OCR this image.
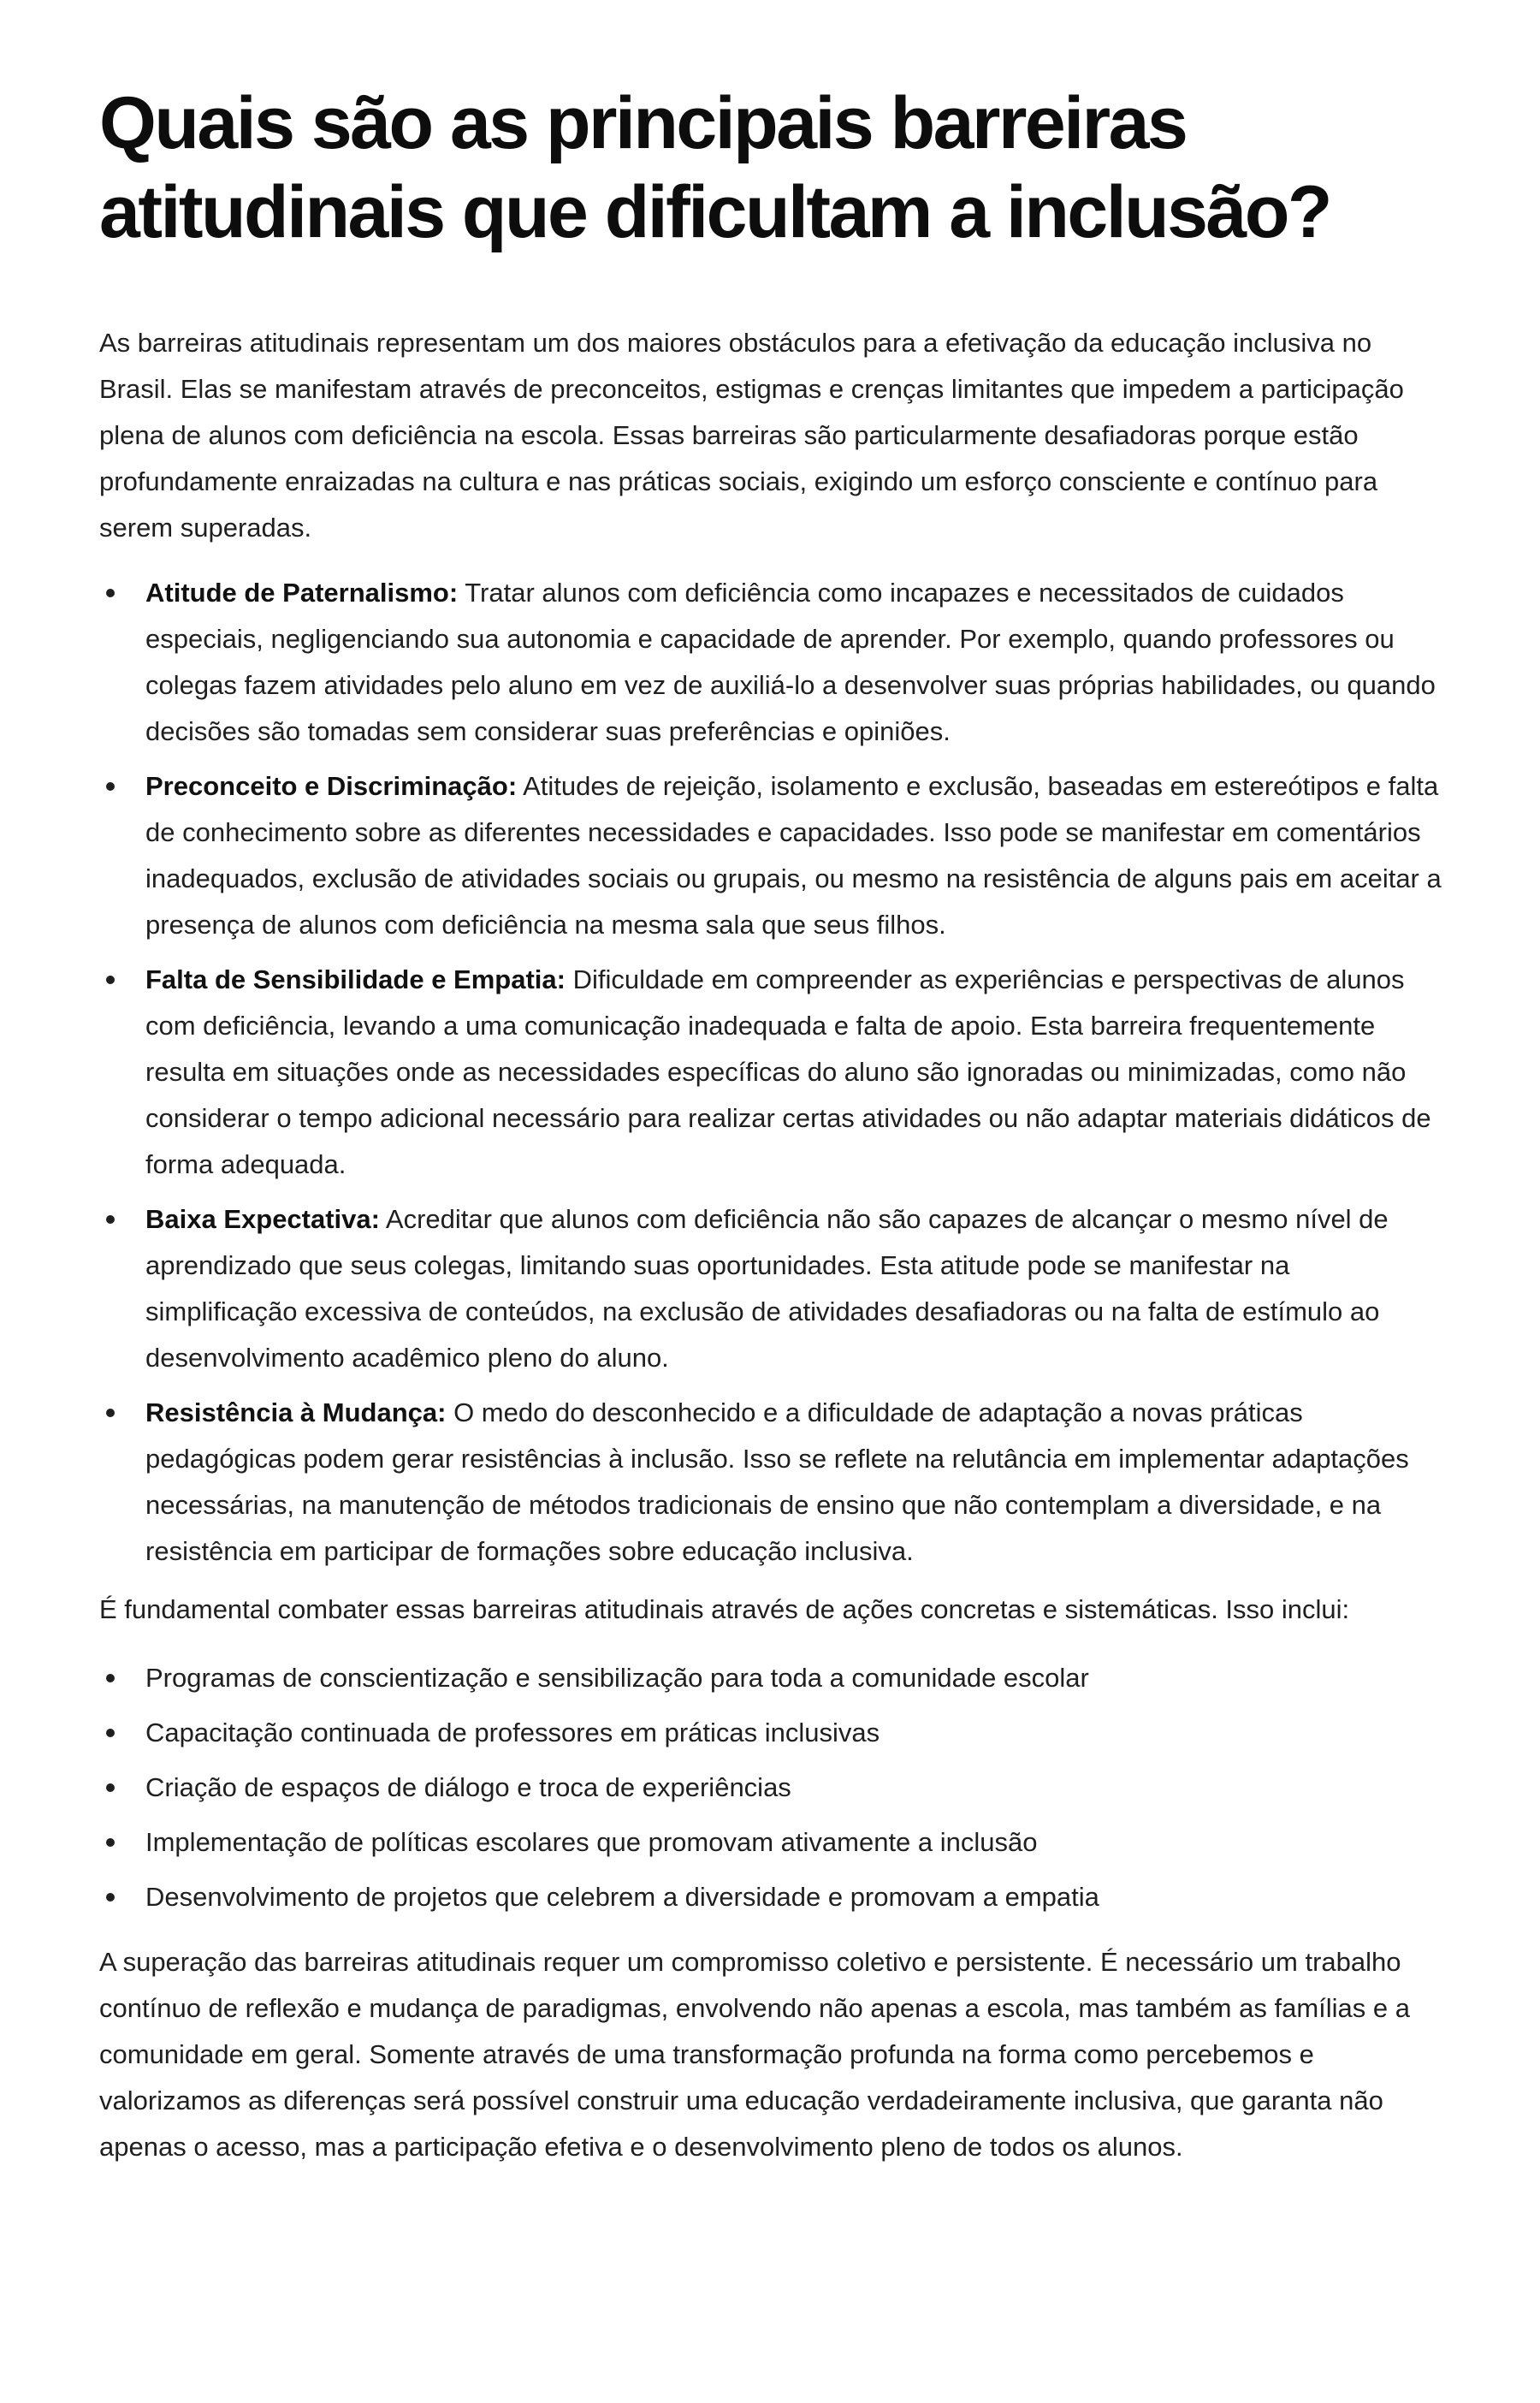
Quais são as principais barreiras atitudinais que dificultam a inclusão?

As barreiras atitudinais representam um dos maiores obstáculos para a efetivação da educação inclusiva no Brasil. Elas se manifestam através de preconceitos, estigmas e crenças limitantes que impedem a participação plena de alunos com deficiência na escola. Essas barreiras são particularmente desafiadoras porque estão profundamente enraizadas na cultura e nas práticas sociais, exigindo um esforço consciente e contínuo para serem superadas.

Atitude de Paternalismo: Tratar alunos com deficiência como incapazes e necessitados de cuidados especiais, negligenciando sua autonomia e capacidade de aprender. Por exemplo, quando professores ou colegas fazem atividades pelo aluno em vez de auxiliá-lo a desenvolver suas próprias habilidades, ou quando decisões são tomadas sem considerar suas preferências e opiniões.
Preconceito e Discriminação: Atitudes de rejeição, isolamento e exclusão, baseadas em estereótipos e falta de conhecimento sobre as diferentes necessidades e capacidades. Isso pode se manifestar em comentários inadequados, exclusão de atividades sociais ou grupais, ou mesmo na resistência de alguns pais em aceitar a presença de alunos com deficiência na mesma sala que seus filhos.
Falta de Sensibilidade e Empatia: Dificuldade em compreender as experiências e perspectivas de alunos com deficiência, levando a uma comunicação inadequada e falta de apoio. Esta barreira frequentemente resulta em situações onde as necessidades específicas do aluno são ignoradas ou minimizadas, como não considerar o tempo adicional necessário para realizar certas atividades ou não adaptar materiais didáticos de forma adequada.
Baixa Expectativa: Acreditar que alunos com deficiência não são capazes de alcançar o mesmo nível de aprendizado que seus colegas, limitando suas oportunidades. Esta atitude pode se manifestar na simplificação excessiva de conteúdos, na exclusão de atividades desafiadoras ou na falta de estímulo ao desenvolvimento acadêmico pleno do aluno.
Resistência à Mudança: O medo do desconhecido e a dificuldade de adaptação a novas práticas pedagógicas podem gerar resistências à inclusão. Isso se reflete na relutância em implementar adaptações necessárias, na manutenção de métodos tradicionais de ensino que não contemplam a diversidade, e na resistência em participar de formações sobre educação inclusiva.

É fundamental combater essas barreiras atitudinais através de ações concretas e sistemáticas. Isso inclui:

Programas de conscientização e sensibilização para toda a comunidade escolar
Capacitação continuada de professores em práticas inclusivas
Criação de espaços de diálogo e troca de experiências
Implementação de políticas escolares que promovam ativamente a inclusão
Desenvolvimento de projetos que celebrem a diversidade e promovam a empatia

A superação das barreiras atitudinais requer um compromisso coletivo e persistente. É necessário um trabalho contínuo de reflexão e mudança de paradigmas, envolvendo não apenas a escola, mas também as famílias e a comunidade em geral. Somente através de uma transformação profunda na forma como percebemos e valorizamos as diferenças será possível construir uma educação verdadeiramente inclusiva, que garanta não apenas o acesso, mas a participação efetiva e o desenvolvimento pleno de todos os alunos.
